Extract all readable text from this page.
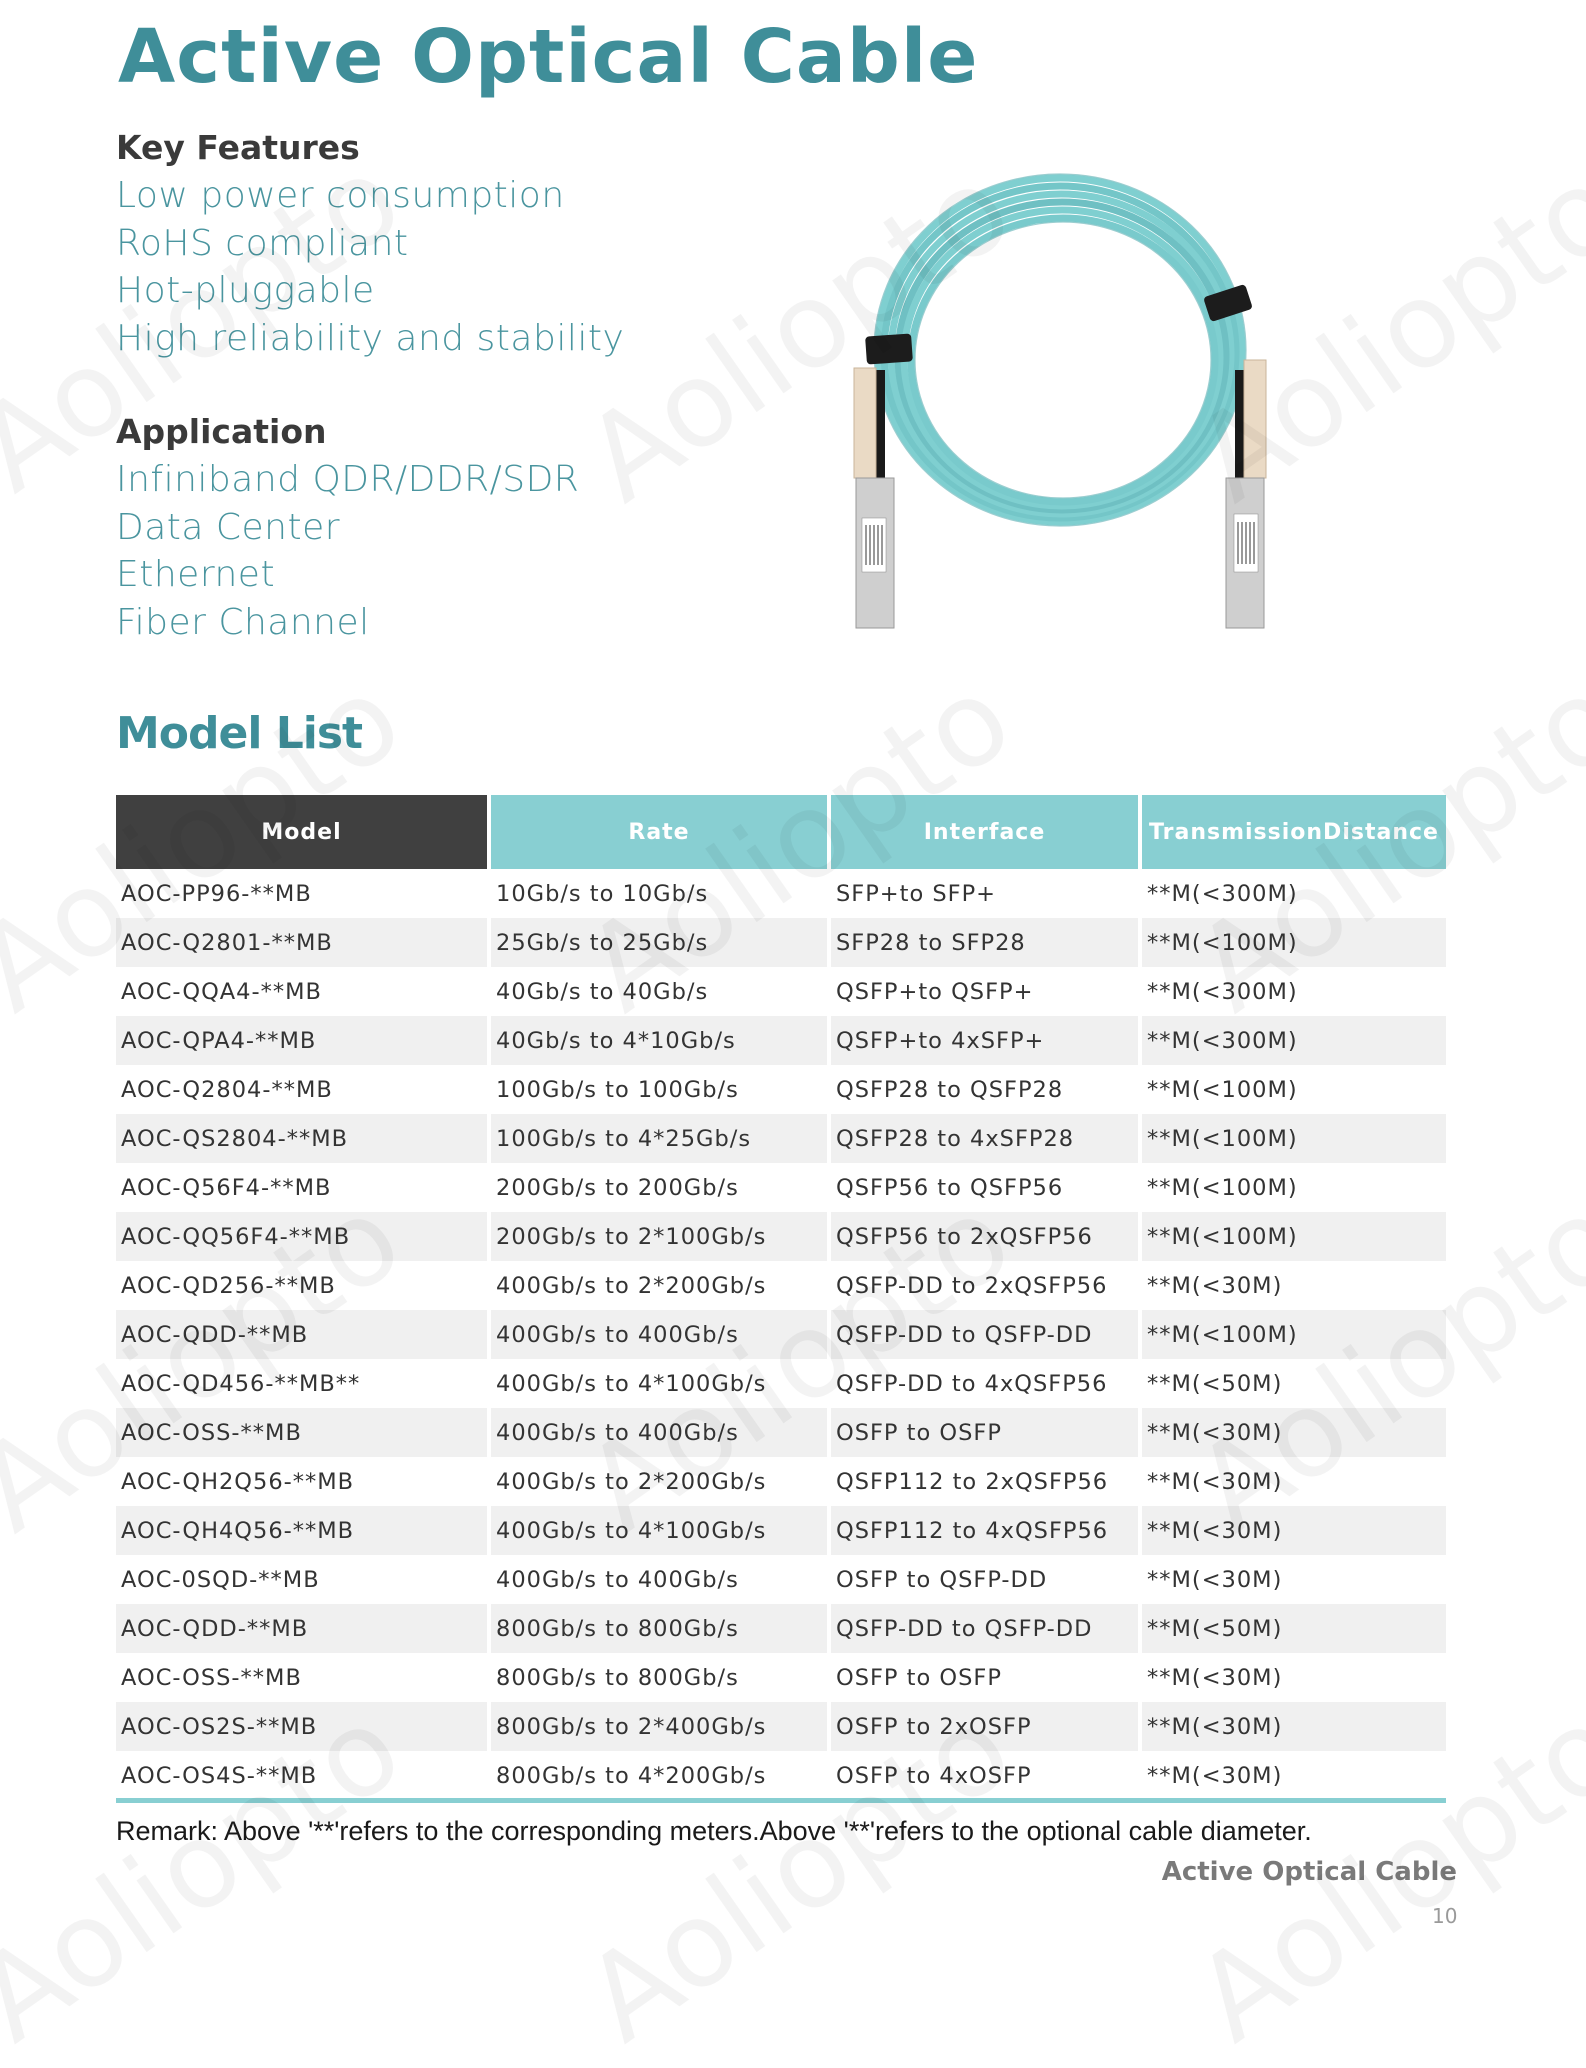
Active Optical Cable
Key Features
Low power consumption
RoHS compliant
Hot-pluggable
High reliability and stability
Application
Infiniband QDR/DDR/SDR
Data Center
Ethernet
Fiber Channel
Model List
Model	Rate	Interface	TransmissionDistance
AOC-PP96-**MB	10Gb/s to 10Gb/s	SFP+to SFP+	**M(<300M)
AOC-Q2801-**MB	25Gb/s to 25Gb/s	SFP28 to SFP28	**M(<100M)
AOC-QQA4-**MB	40Gb/s to 40Gb/s	QSFP+to QSFP+	**M(<300M)
AOC-QPA4-**MB	40Gb/s to 4*10Gb/s	QSFP+to 4xSFP+	**M(<300M)
AOC-Q2804-**MB	100Gb/s to 100Gb/s	QSFP28 to QSFP28	**M(<100M)
AOC-QS2804-**MB	100Gb/s to 4*25Gb/s	QSFP28 to 4xSFP28	**M(<100M)
AOC-Q56F4-**MB	200Gb/s to 200Gb/s	QSFP56 to QSFP56	**M(<100M)
AOC-QQ56F4-**MB	200Gb/s to 2*100Gb/s	QSFP56 to 2xQSFP56	**M(<100M)
AOC-QD256-**MB	400Gb/s to 2*200Gb/s	QSFP-DD to 2xQSFP56	**M(<30M)
AOC-QDD-**MB	400Gb/s to 400Gb/s	QSFP-DD to QSFP-DD	**M(<100M)
AOC-QD456-**MB**	400Gb/s to 4*100Gb/s	QSFP-DD to 4xQSFP56	**M(<50M)
AOC-OSS-**MB	400Gb/s to 400Gb/s	OSFP to OSFP	**M(<30M)
AOC-QH2Q56-**MB	400Gb/s to 2*200Gb/s	QSFP112 to 2xQSFP56	**M(<30M)
AOC-QH4Q56-**MB	400Gb/s to 4*100Gb/s	QSFP112 to 4xQSFP56	**M(<30M)
AOC-0SQD-**MB	400Gb/s to 400Gb/s	OSFP to QSFP-DD	**M(<30M)
AOC-QDD-**MB	800Gb/s to 800Gb/s	QSFP-DD to QSFP-DD	**M(<50M)
AOC-OSS-**MB	800Gb/s to 800Gb/s	OSFP to OSFP	**M(<30M)
AOC-OS2S-**MB	800Gb/s to 2*400Gb/s	OSFP to 2xOSFP	**M(<30M)
AOC-OS4S-**MB	800Gb/s to 4*200Gb/s	OSFP to 4xOSFP	**M(<30M)

Remark: Above '**'refers to the corresponding meters.Above '**'refers to the optional cable diameter.

Active Optical Cable
10
